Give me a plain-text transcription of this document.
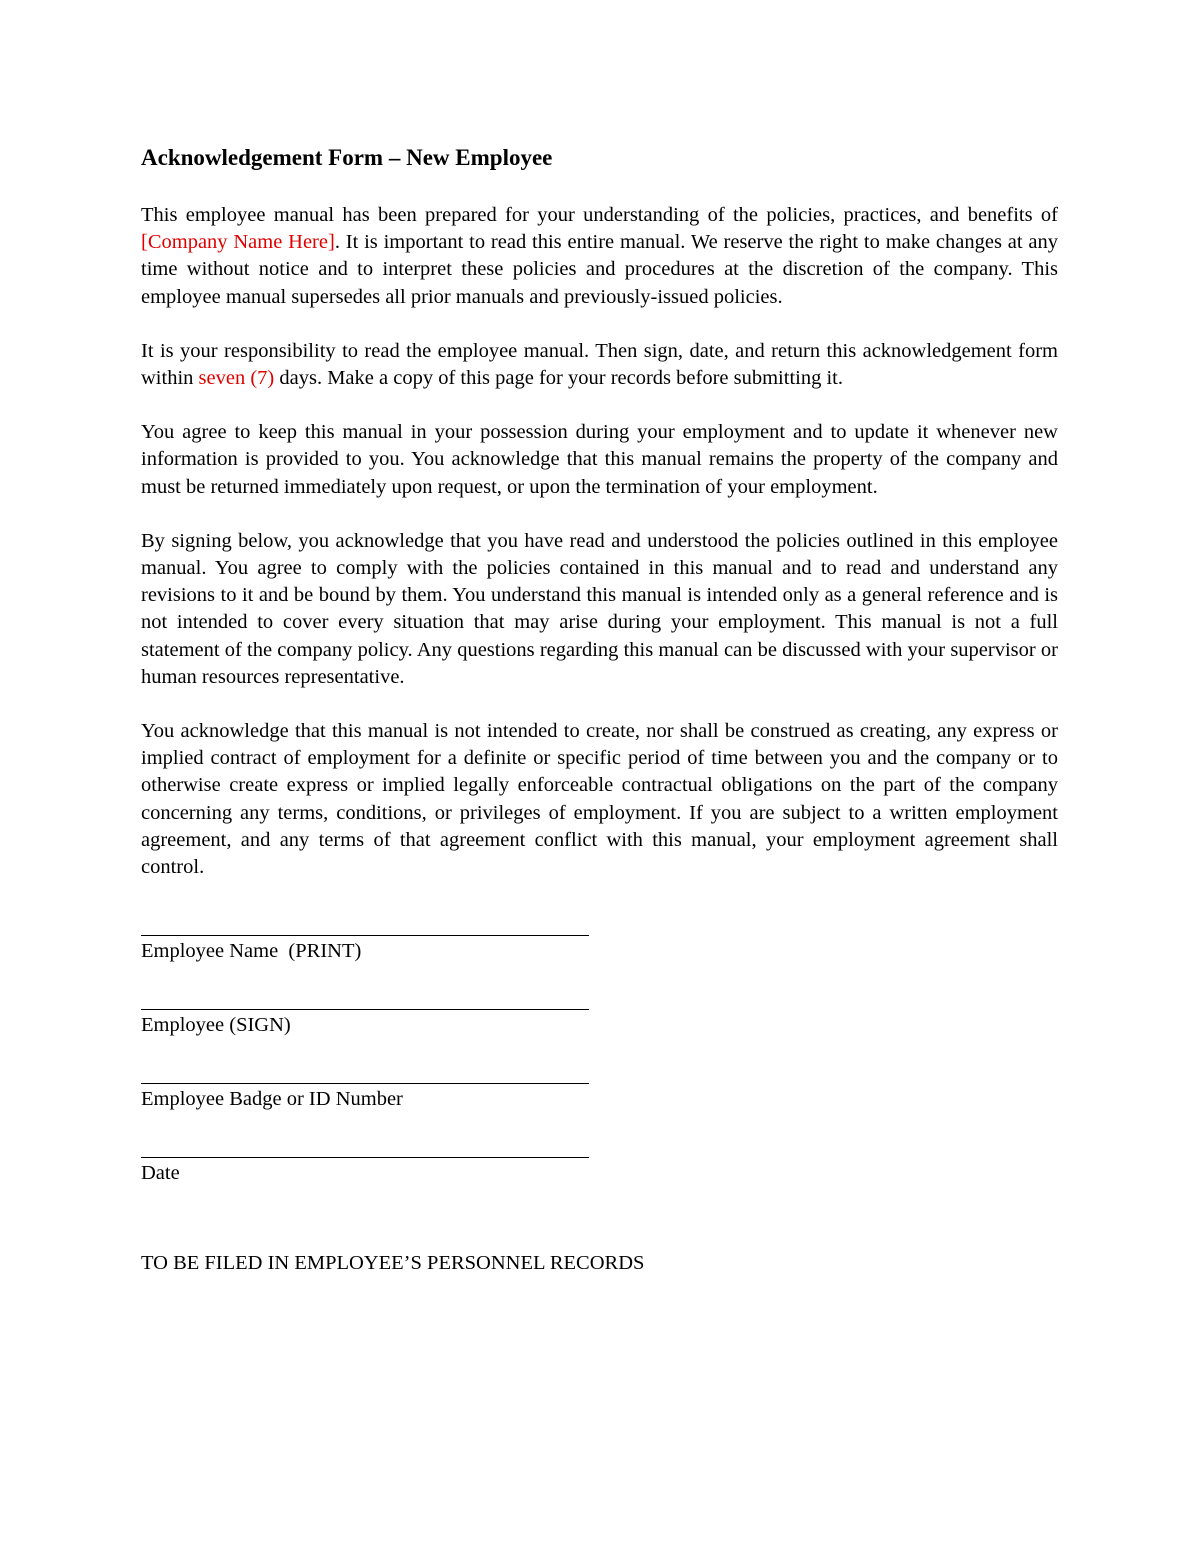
Acknowledgement Form – New Employee

This employee manual has been prepared for your understanding of the policies, practices, and benefits of [Company Name Here]. It is important to read this entire manual. We reserve the right to make changes at any time without notice and to interpret these policies and procedures at the discretion of the company. This employee manual supersedes all prior manuals and previously-issued policies.

It is your responsibility to read the employee manual. Then sign, date, and return this acknowledgement form within seven (7) days. Make a copy of this page for your records before submitting it.

You agree to keep this manual in your possession during your employment and to update it whenever new information is provided to you. You acknowledge that this manual remains the property of the company and must be returned immediately upon request, or upon the termination of your employment.

By signing below, you acknowledge that you have read and understood the policies outlined in this employee manual. You agree to comply with the policies contained in this manual and to read and understand any revisions to it and be bound by them. You understand this manual is intended only as a general reference and is not intended to cover every situation that may arise during your employment. This manual is not a full statement of the company policy. Any questions regarding this manual can be discussed with your supervisor or human resources representative.

You acknowledge that this manual is not intended to create, nor shall be construed as creating, any express or implied contract of employment for a definite or specific period of time between you and the company or to otherwise create express or implied legally enforceable contractual obligations on the part of the company concerning any terms, conditions, or privileges of employment. If you are subject to a written employment agreement, and any terms of that agreement conflict with this manual, your employment agreement shall control.

Employee Name  (PRINT)
Employee (SIGN)
Employee Badge or ID Number
Date
TO BE FILED IN EMPLOYEE’S PERSONNEL RECORDS
